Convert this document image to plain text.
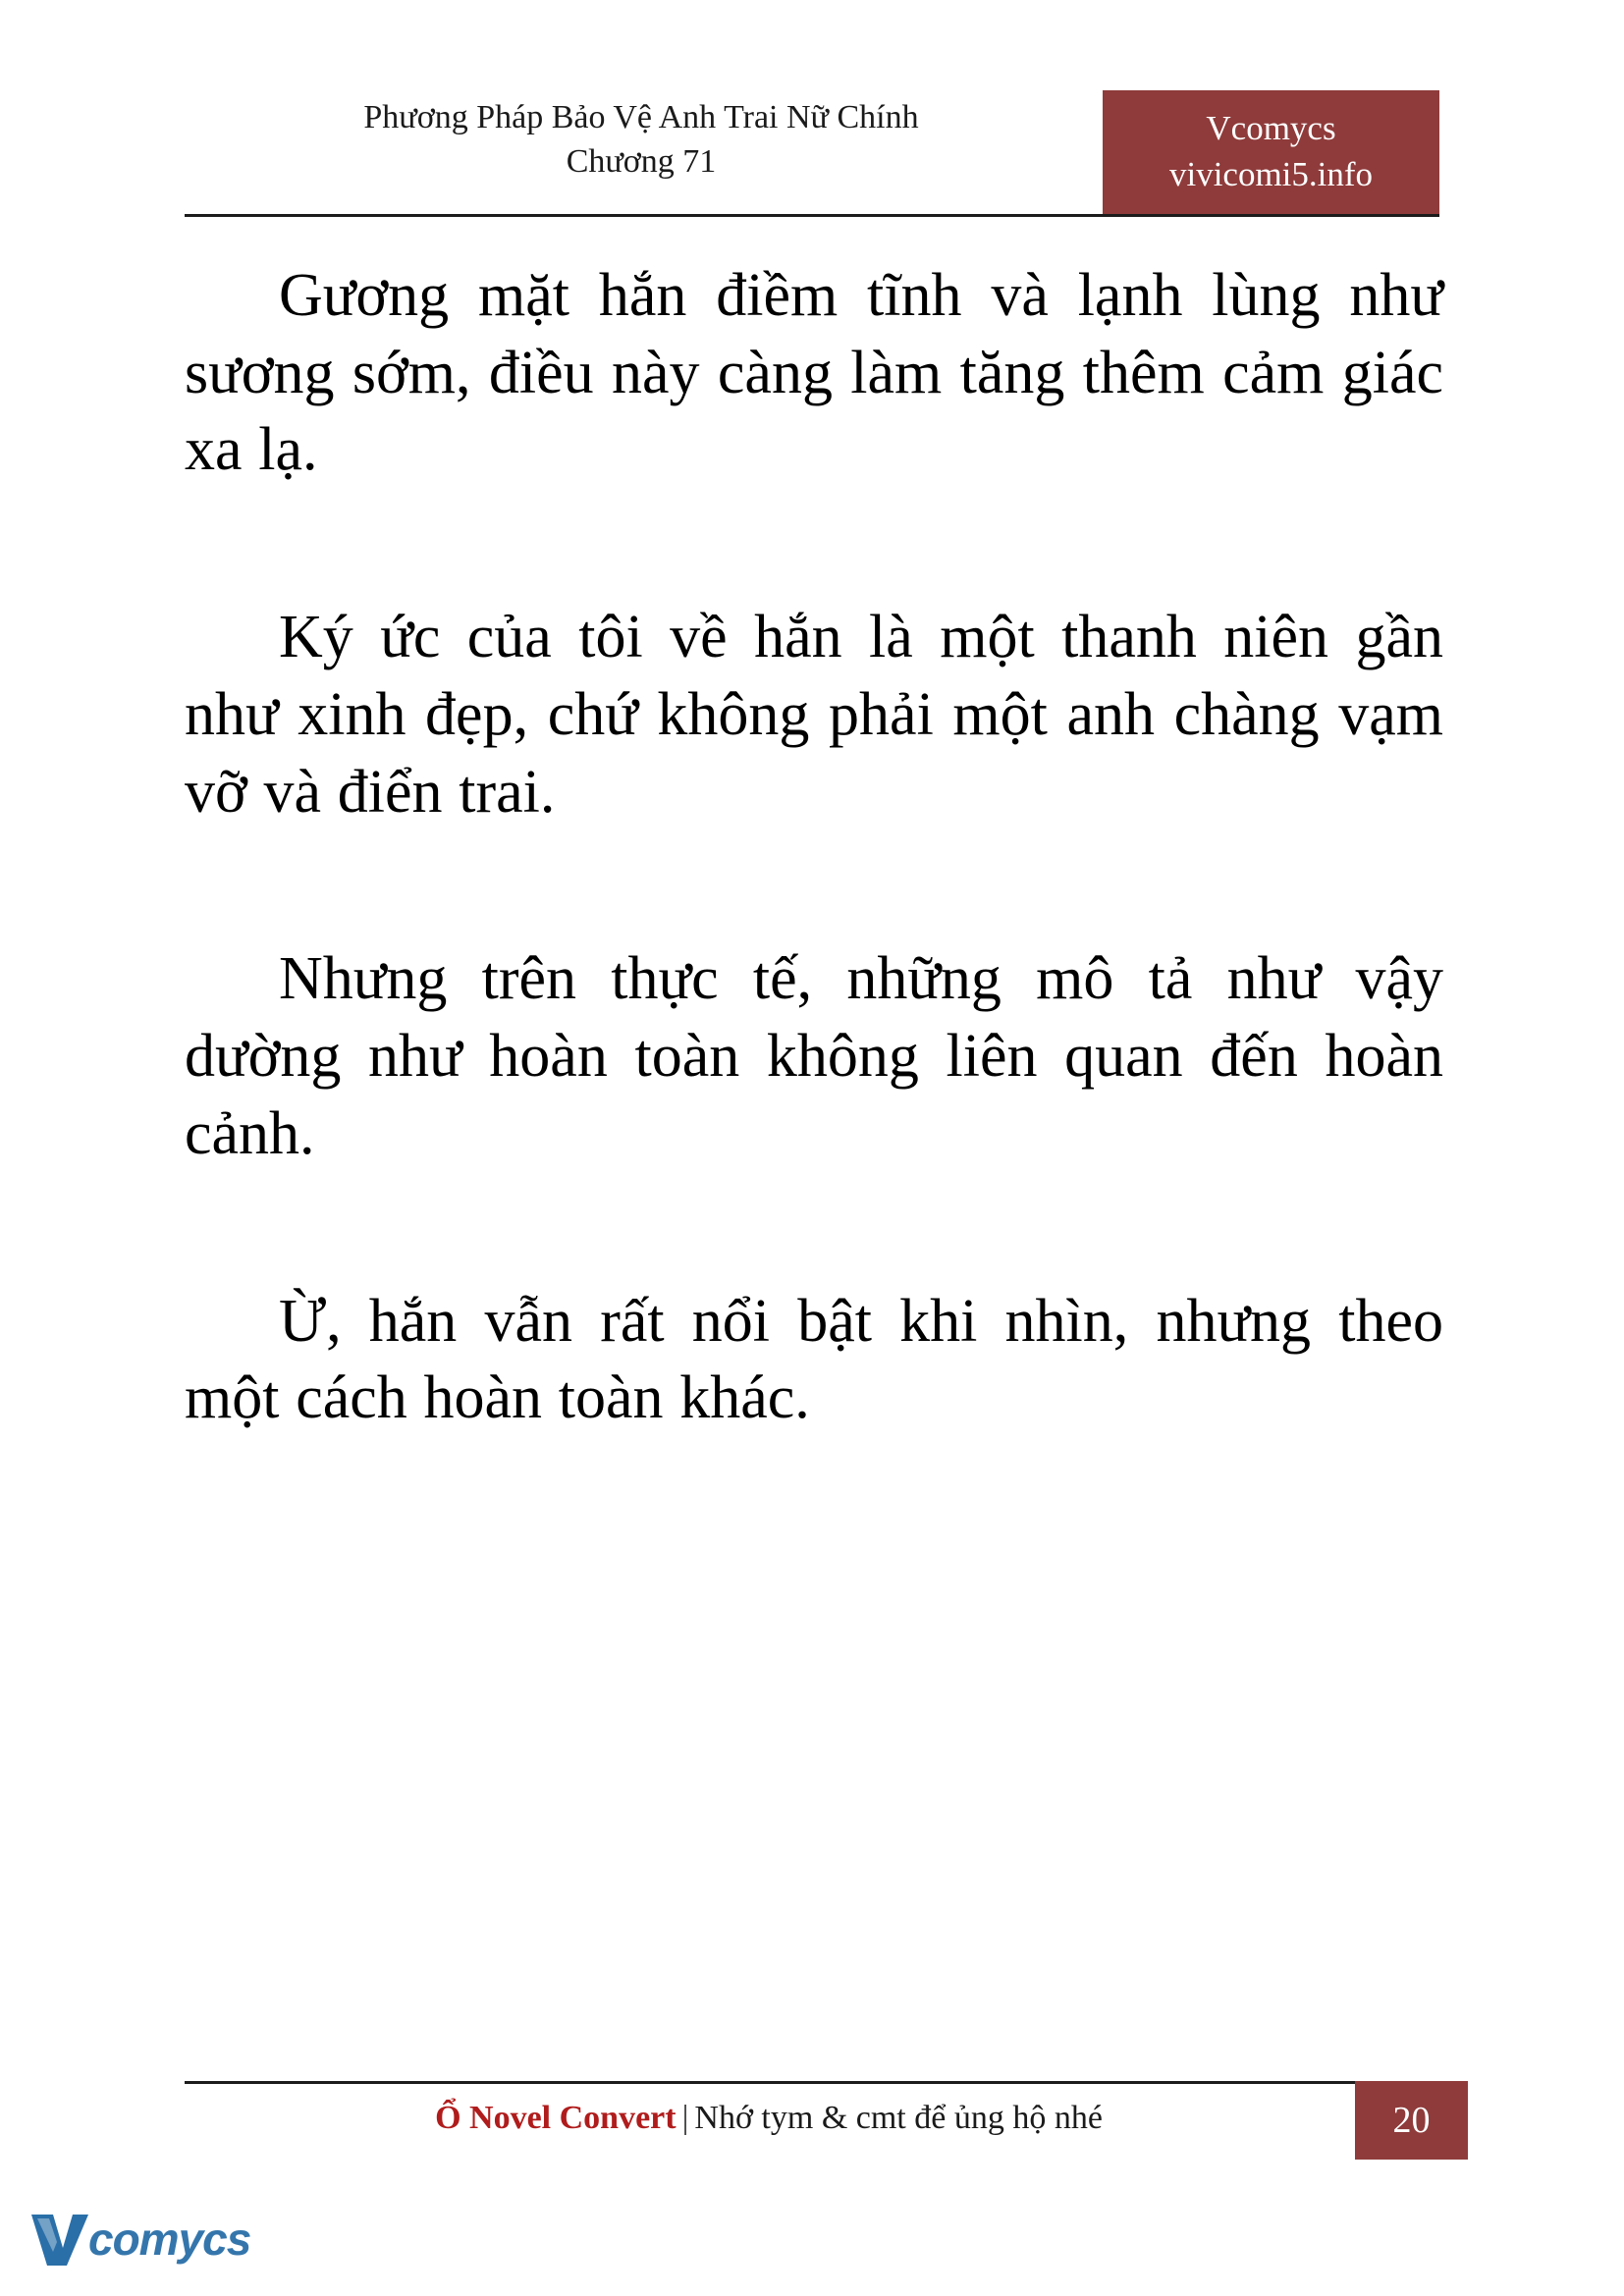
Phương Pháp Bảo Vệ Anh Trai Nữ Chính
Chương 71
Vcomycs
vivicomi5.info

Gương mặt hắn điềm tĩnh và lạnh lùng như sương sớm, điều này càng làm tăng thêm cảm giác xa lạ.

Ký ức của tôi về hắn là một thanh niên gần như xinh đẹp, chứ không phải một anh chàng vạm vỡ và điển trai.

Nhưng trên thực tế, những mô tả như vậy dường như hoàn toàn không liên quan đến hoàn cảnh.

Ừ, hắn vẫn rất nổi bật khi nhìn, nhưng theo một cách hoàn toàn khác.

Ổ Novel Convert | Nhớ tym & cmt để ủng hộ nhé	20
comycs
